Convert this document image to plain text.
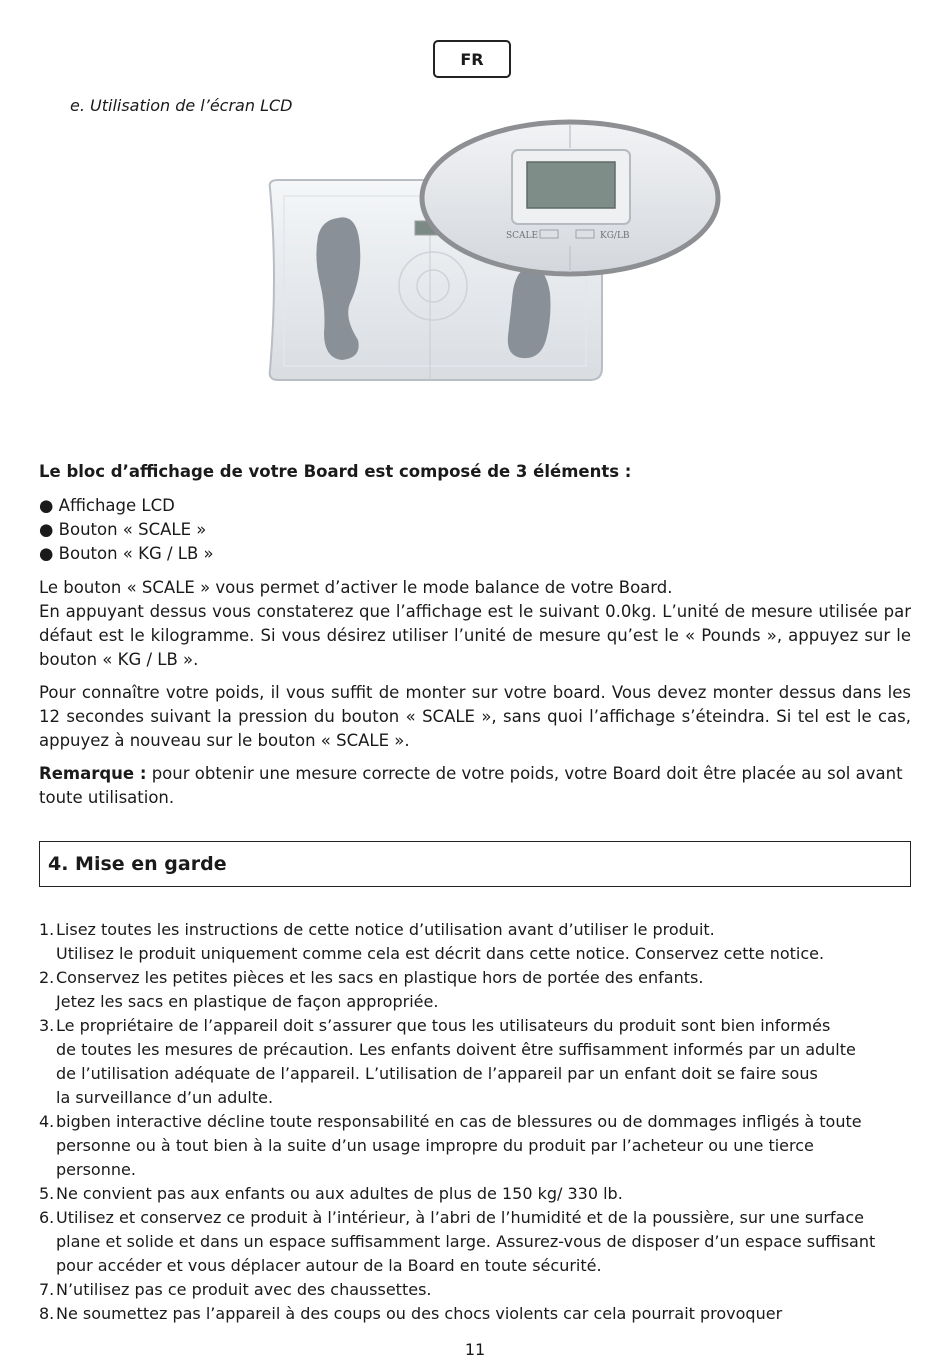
FR
e. Utilisation de l’écran LCD
SCALE	KG/LB
Le bloc d’affichage de votre Board est composé de 3 éléments :
● Affichage LCD
● Bouton « SCALE »
● Bouton « KG / LB »

Le bouton « SCALE » vous permet d’activer le mode balance de votre Board.

En appuyant dessus vous constaterez que l’affichage est le suivant 0.0kg. L’unité de mesure utilisée par défaut est le kilogramme. Si vous désirez utiliser l’unité de mesure qu’est le « Pounds », appuyez sur le bouton « KG / LB ».

Pour connaître votre poids, il vous suffit de monter sur votre board. Vous devez monter dessus dans les 12 secondes suivant la pression du bouton « SCALE », sans quoi l’affichage s’éteindra. Si tel est le cas, appuyez à nouveau sur le bouton « SCALE ».
Remarque : pour obtenir une mesure correcte de votre poids, votre Board doit être placée au sol avant toute utilisation.
4. Mise en garde
1. Lisez toutes les instructions de cette notice d’utilisation avant d’utiliser le produit.
Utilisez le produit uniquement comme cela est décrit dans cette notice. Conservez cette notice.
2. Conservez les petites pièces et les sacs en plastique hors de portée des enfants.
Jetez les sacs en plastique de façon appropriée.
3. Le propriétaire de l’appareil doit s’assurer que tous les utilisateurs du produit sont bien informés
de toutes les mesures de précaution. Les enfants doivent être suffisamment informés par un adulte
de l’utilisation adéquate de l’appareil. L’utilisation de l’appareil par un enfant doit se faire sous
la surveillance d’un adulte.
4. bigben interactive décline toute responsabilité en cas de blessures ou de dommages infligés à toute
personne ou à tout bien à la suite d’un usage impropre du produit par l’acheteur ou une tierce
personne.
5. Ne convient pas aux enfants ou aux adultes de plus de 150 kg/ 330 lb.
6. Utilisez et conservez ce produit à l’intérieur, à l’abri de l’humidité et de la poussière, sur une surface
plane et solide et dans un espace suffisamment large. Assurez-vous de disposer d’un espace suffisant
pour accéder et vous déplacer autour de la Board en toute sécurité.
7. N’utilisez pas ce produit avec des chaussettes.
8. Ne soumettez pas l’appareil à des coups ou des chocs violents car cela pourrait provoquer
11
